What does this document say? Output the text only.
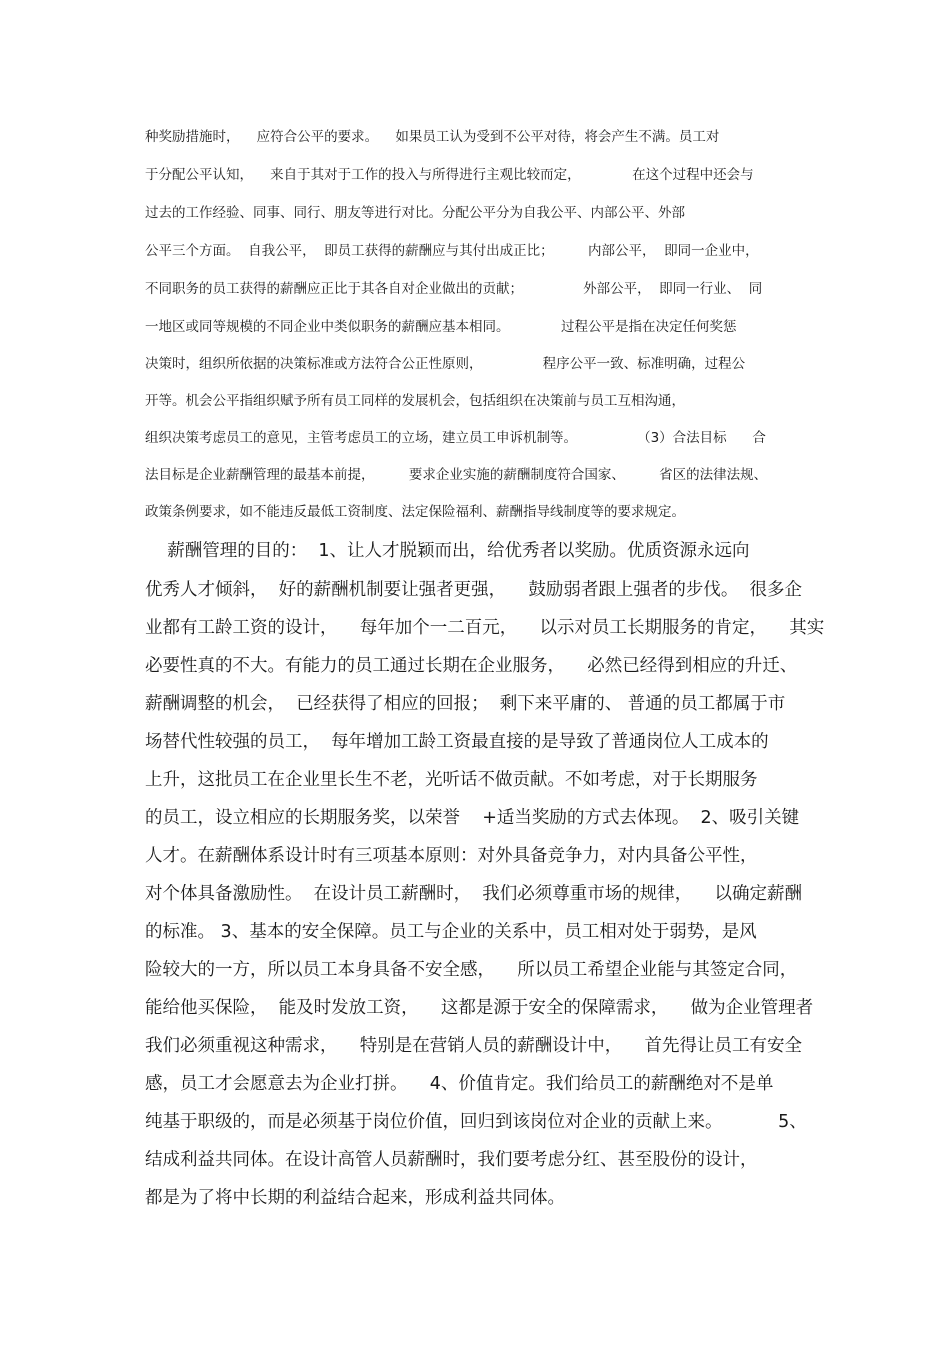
种奖励措施时，    应符合公平的要求。    如果员工认为受到不公平对待，将会产生不满。员工对
于分配公平认知，    来自于其对于工作的投入与所得进行主观比较而定，            在这个过程中还会与
过去的工作经验、同事、同行、朋友等进行对比。分配公平分为自我公平、内部公平、外部
公平三个方面。  自我公平，  即员工获得的薪酬应与其付出成正比；        内部公平，  即同一企业中，
不同职务的员工获得的薪酬应正比于其各自对企业做出的贡献；              外部公平，  即同一行业、  同
一地区或同等规模的不同企业中类似职务的薪酬应基本相同。            过程公平是指在决定任何奖惩
决策时，组织所依据的决策标准或方法符合公正性原则，              程序公平一致、标准明确，过程公
开等。机会公平指组织赋予所有员工同样的发展机会，包括组织在决策前与员工互相沟通，
组织决策考虑员工的意见，主管考虑员工的立场，建立员工申诉机制等。              （3）合法目标      合
法目标是企业薪酬管理的最基本前提，        要求企业实施的薪酬制度符合国家、        省区的法律法规、
政策条例要求，如不能违反最低工资制度、法定保险福利、薪酬指导线制度等的要求规定。
薪酬管理的目的：  1、让人才脱颖而出，给优秀者以奖励。优质资源永远向
优秀人才倾斜，  好的薪酬机制要让强者更强，    鼓励弱者跟上强者的步伐。  很多企
业都有工龄工资的设计，    每年加个一二百元，    以示对员工长期服务的肯定，    其实
必要性真的不大。有能力的员工通过长期在企业服务，    必然已经得到相应的升迁、
薪酬调整的机会，  已经获得了相应的回报；  剩下来平庸的、 普通的员工都属于市
场替代性较强的员工，  每年增加工龄工资最直接的是导致了普通岗位人工成本的
上升，这批员工在企业里长生不老，光听话不做贡献。不如考虑，对于长期服务
的员工，设立相应的长期服务奖，以荣誉    +适当奖励的方式去体现。  2、吸引关键
人才。在薪酬体系设计时有三项基本原则：对外具备竞争力，对内具备公平性，
对个体具备激励性。  在设计员工薪酬时，  我们必须尊重市场的规律，    以确定薪酬
的标准。 3、基本的安全保障。员工与企业的关系中，员工相对处于弱势，是风
险较大的一方，所以员工本身具备不安全感，    所以员工希望企业能与其签定合同，
能给他买保险，  能及时发放工资，    这都是源于安全的保障需求，    做为企业管理者
我们必须重视这种需求，    特别是在营销人员的薪酬设计中，    首先得让员工有安全
感，员工才会愿意去为企业打拼。    4、价值肯定。我们给员工的薪酬绝对不是单
纯基于职级的，而是必须基于岗位价值，回归到该岗位对企业的贡献上来。          5、
结成利益共同体。在设计高管人员薪酬时，我们要考虑分红、甚至股份的设计，
都是为了将中长期的利益结合起来，形成利益共同体。
